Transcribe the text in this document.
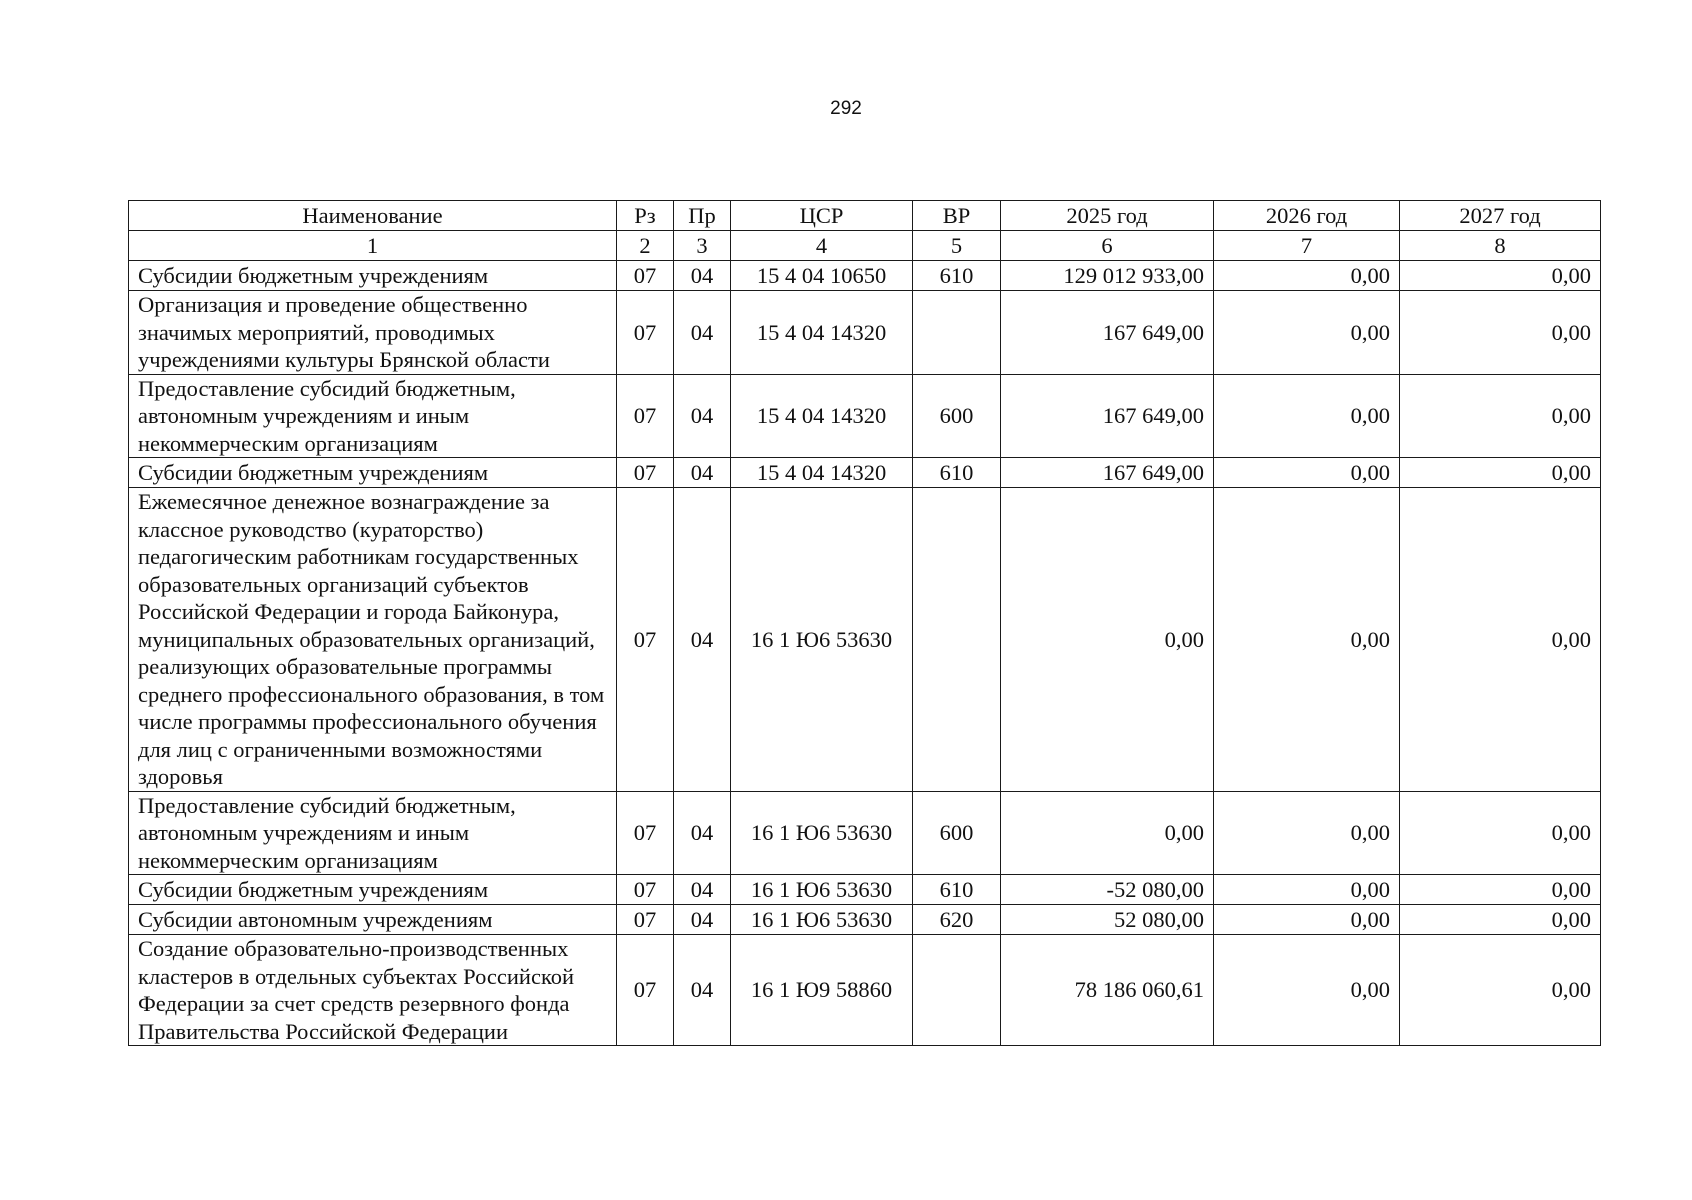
292
Наименование	Рз	Пр	ЦСР	ВР	2025 год	2026 год	2027 год
1	2	3	4	5	6	7	8
Субсидии бюджетным учреждениям	07	04	15 4 04 10650	610	129 012 933,00	0,00	0,00
Организация и проведение общественно значимых мероприятий, проводимых учреждениями культуры Брянской области	07	04	15 4 04 14320		167 649,00	0,00	0,00
Предоставление субсидий бюджетным, автономным учреждениям и иным некоммерческим организациям	07	04	15 4 04 14320	600	167 649,00	0,00	0,00
Субсидии бюджетным учреждениям	07	04	15 4 04 14320	610	167 649,00	0,00	0,00
Ежемесячное денежное вознаграждение за классное руководство (кураторство) педагогическим работникам государственных образовательных организаций субъектов Российской Федерации и города Байконура, муниципальных образовательных организаций, реализующих образовательные программы среднего профессионального образования, в том числе программы профессионального обучения для лиц с ограниченными возможностями здоровья	07	04	16 1 Ю6 53630		0,00	0,00	0,00
Предоставление субсидий бюджетным, автономным учреждениям и иным некоммерческим организациям	07	04	16 1 Ю6 53630	600	0,00	0,00	0,00
Субсидии бюджетным учреждениям	07	04	16 1 Ю6 53630	610	-52 080,00	0,00	0,00
Субсидии автономным учреждениям	07	04	16 1 Ю6 53630	620	52 080,00	0,00	0,00
Создание образовательно-производственных кластеров в отдельных субъектах Российской Федерации за счет средств резервного фонда Правительства Российской Федерации	07	04	16 1 Ю9 58860		78 186 060,61	0,00	0,00
